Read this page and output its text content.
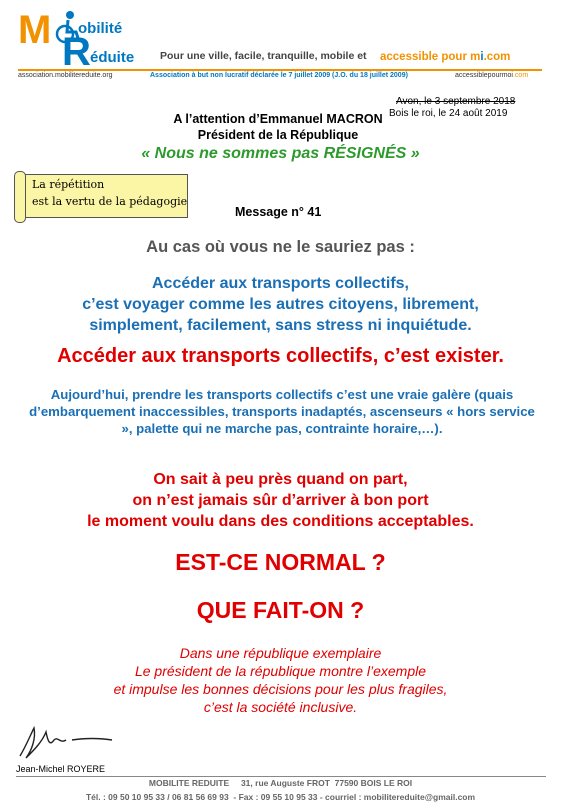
M obilité
R éduite Pour une ville, facile, tranquille, mobile et accessible pour mi.com
association.mobilitereduite.org	Association à but non lucratif déclarée le 7 juillet 2009 (J.O. du 18 juillet 2009)	accessiblepourmoi.com
Avon, le 3 septembre 2018
Bois le roi, le 24 août 2019
A l’attention d’Emmanuel MACRON
Président de la République
« Nous ne sommes pas RÉSIGNÉS »
La répétition
est la vertu de la pédagogie
Message n° 41
Au cas où vous ne le sauriez pas :
Accéder aux transports collectifs,
c’est voyager comme les autres citoyens, librement,
simplement, facilement, sans stress ni inquiétude.
Accéder aux transports collectifs, c’est exister.
Aujourd’hui, prendre les transports collectifs c’est une vraie galère (quais d’embarquement inaccessibles, transports inadaptés, ascenseurs « hors service », palette qui ne marche pas, contrainte horaire,…).
On sait à peu près quand on part,
on n’est jamais sûr d’arriver à bon port
le moment voulu dans des conditions acceptables.
EST-CE NORMAL ?
QUE FAIT-ON ?
Dans une république exemplaire
Le président de la république montre l’exemple
et impulse les bonnes décisions pour les plus fragiles,
c’est la société inclusive.
Jean-Michel ROYERE
MOBILITE REDUITE     31, rue Auguste FROT  77590 BOIS LE ROI
Tél. : 09 50 10 95 33 / 06 81 56 69 93  - Fax : 09 55 10 95 33 - courriel : mobilitereduite@gmail.com
